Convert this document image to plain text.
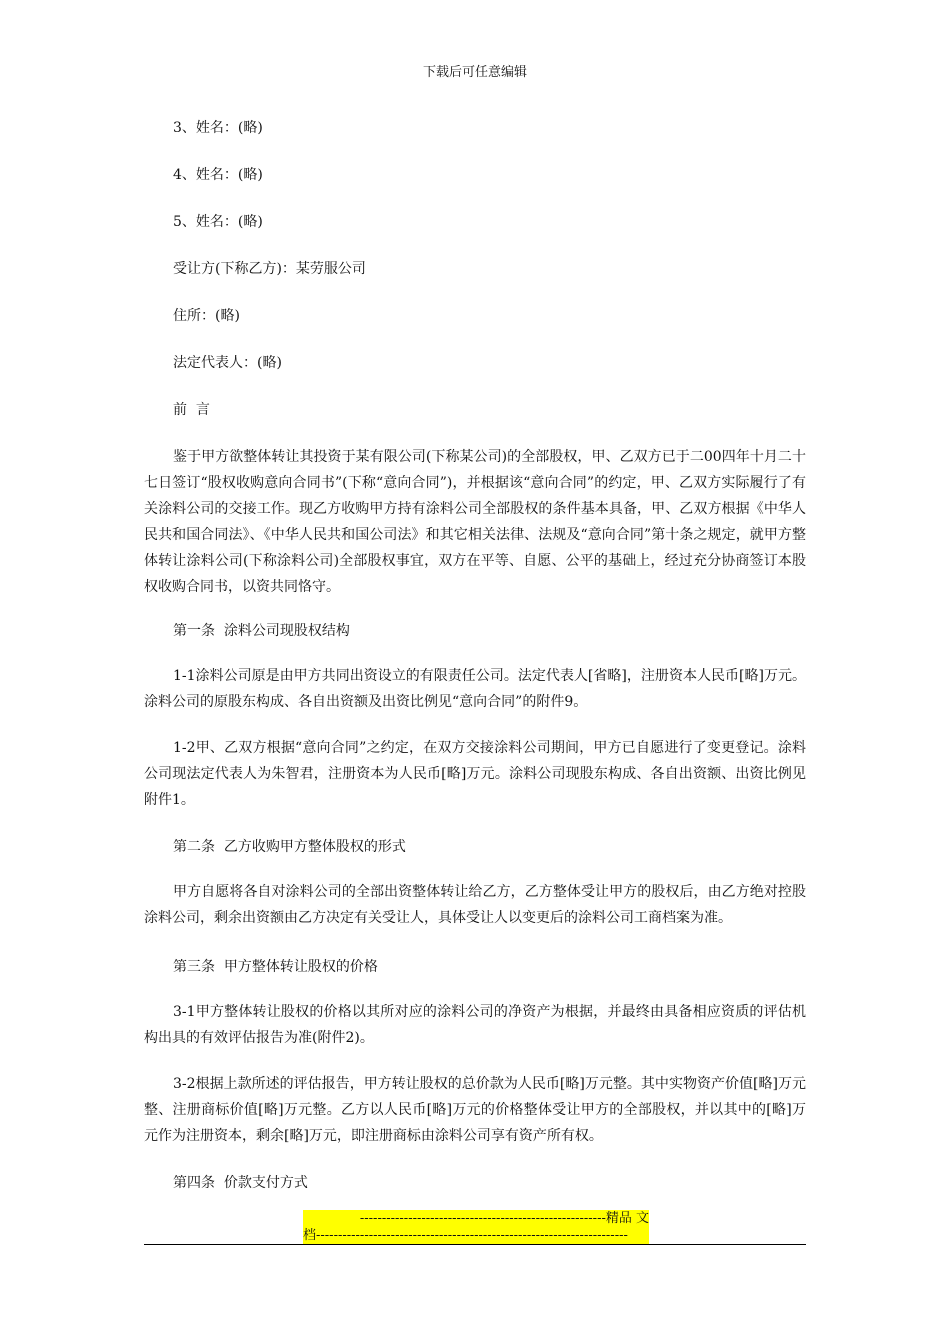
下载后可任意编辑
3、姓名：(略)
4、姓名：(略)
5、姓名：(略)
受让方(下称乙方)：某劳服公司
住所：(略)
法定代表人：(略)
前  言
鉴于甲方欲整体转让其投资于某有限公司(下称某公司)的全部股权，甲、乙双方已于二00四年十月二十七日签订“股权收购意向合同书”(下称“意向合同”)，并根据该“意向合同”的约定，甲、乙双方实际履行了有关涂料公司的交接工作。现乙方收购甲方持有涂料公司全部股权的条件基本具备，甲、乙双方根据《中华人民共和国合同法》、《中华人民共和国公司法》和其它相关法律、法规及“意向合同”第十条之规定，就甲方整体转让涂料公司(下称涂料公司)全部股权事宜，双方在平等、自愿、公平的基础上，经过充分协商签订本股权收购合同书，以资共同恪守。
第一条  涂料公司现股权结构
1-1涂料公司原是由甲方共同出资设立的有限责任公司。法定代表人[省略]，注册资本人民币[略]万元。涂料公司的原股东构成、各自出资额及出资比例见“意向合同”的附件9。
1-2甲、乙双方根据“意向合同”之约定，在双方交接涂料公司期间，甲方已自愿进行了变更登记。涂料公司现法定代表人为朱智君，注册资本为人民币[略]万元。涂料公司现股东构成、各自出资额、出资比例见附件1。
第二条  乙方收购甲方整体股权的形式
甲方自愿将各自对涂料公司的全部出资整体转让给乙方，乙方整体受让甲方的股权后，由乙方绝对控股涂料公司，剩余出资额由乙方决定有关受让人，具体受让人以变更后的涂料公司工商档案为准。
第三条  甲方整体转让股权的价格
3-1甲方整体转让股权的价格以其所对应的涂料公司的净资产为根据，并最终由具备相应资质的评估机构出具的有效评估报告为准(附件2)。
3-2根据上款所述的评估报告，甲方转让股权的总价款为人民币[略]万元整。其中实物资产价值[略]万元整、注册商标价值[略]万元整。乙方以人民币[略]万元的价格整体受让甲方的全部股权，并以其中的[略]万元作为注册资本，剩余[略]万元，即注册商标由涂料公司享有资产所有权。
第四条  价款支付方式
--------------------------------------------------------精品 文
档-----------------------------------------------------------------------
